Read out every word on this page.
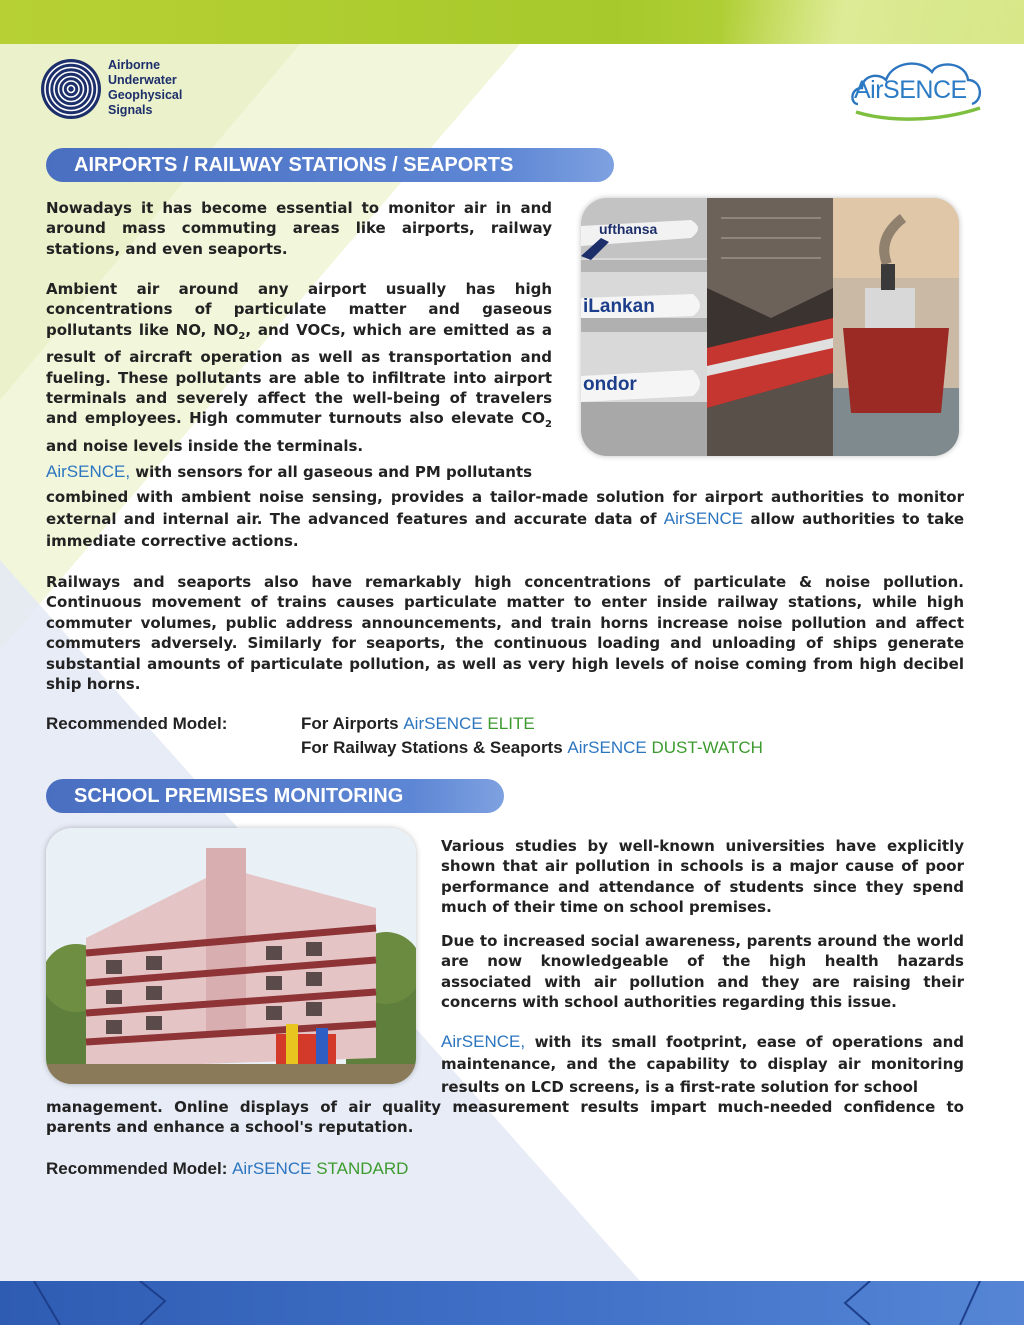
Airborne
Underwater
Geophysical
Signals
AirSENCE
AIRPORTS / RAILWAY STATIONS / SEAPORTS

Nowadays it has become essential to monitor air in and around mass commuting areas like airports, railway stations, and even seaports.

Ambient air around any airport usually has high concentrations of particulate matter and gaseous pollutants like NO, $NO_2$, and VOCs, which are emitted as a result of aircraft operation as well as transportation and fueling. These pollutants are able to infiltrate into airport terminals and severely affect the well-being of travelers and employees. High commuter turnouts also elevate $CO_2$ and noise levels inside the terminals.

ufthansa
iLankan
ondor

AirSENCE, with sensors for all gaseous and PM pollutants

combined with ambient noise sensing, provides a tailor-made solution for airport authorities to monitor external and internal air. The advanced features and accurate data of AirSENCE allow authorities to take immediate corrective actions.

Railways and seaports also have remarkably high concentrations of particulate & noise pollution. Continuous movement of trains causes particulate matter to enter inside railway stations, while high commuter volumes, public address announcements, and train horns increase noise pollution and affect commuters adversely. Similarly for seaports, the continuous loading and unloading of ships generate substantial amounts of particulate pollution, as well as very high levels of noise coming from high decibel ship horns.

Recommended Model:	For Airports AirSENCE ELITE
For Railway Stations & Seaports AirSENCE DUST-WATCH
SCHOOL PREMISES MONITORING

Various studies by well-known universities have explicitly shown that air pollution in schools is a major cause of poor performance and attendance of students since they spend much of their time on school premises.

Due to increased social awareness, parents around the world are now knowledgeable of the high health hazards associated with air pollution and they are raising their concerns with school authorities regarding this issue.

AirSENCE, with its small footprint, ease of operations and maintenance, and the capability to display air monitoring results on LCD screens, is a first-rate solution for school

management. Online displays of air quality measurement results impart much-needed confidence to parents and enhance a school's reputation.

Recommended Model: AirSENCE STANDARD
